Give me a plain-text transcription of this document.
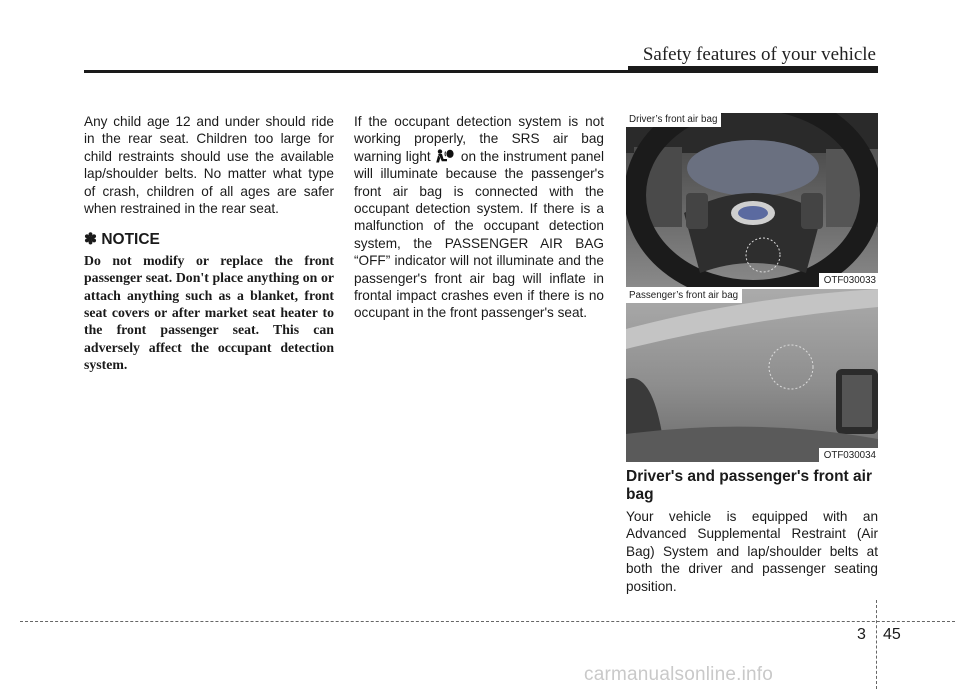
Safety features of your vehicle

Any child age 12 and under should ride in the rear seat. Children too large for child restraints should use the available lap/shoulder belts. No matter what type of crash, children of all ages are safer when restrained in the rear seat.

✽ NOTICE
Do not modify or replace the front passenger seat. Don't place anything on or attach anything such as a blanket, front seat covers or after market seat heater to the front passenger seat. This can adversely affect the occupant detection system.

If the occupant detection system is not working properly, the SRS air bag warning light  on the instrument panel will illuminate because the passenger's front air bag is connected with the occupant detection system. If there is a malfunction of the occupant detection system, the PASSENGER AIR BAG “OFF” indicator will not illuminate and the passenger's front air bag will inflate in frontal impact crashes even if there is no occupant in the front passenger's seat.

Driver’s front air bag
OTF030033
Passenger’s front air bag
OTF030034
Driver's and passenger's front air bag

Your vehicle is equipped with an Advanced Supplemental Restraint (Air Bag) System and lap/shoulder belts at both the driver and passenger seating position.

3 45
carmanualsonline.info
